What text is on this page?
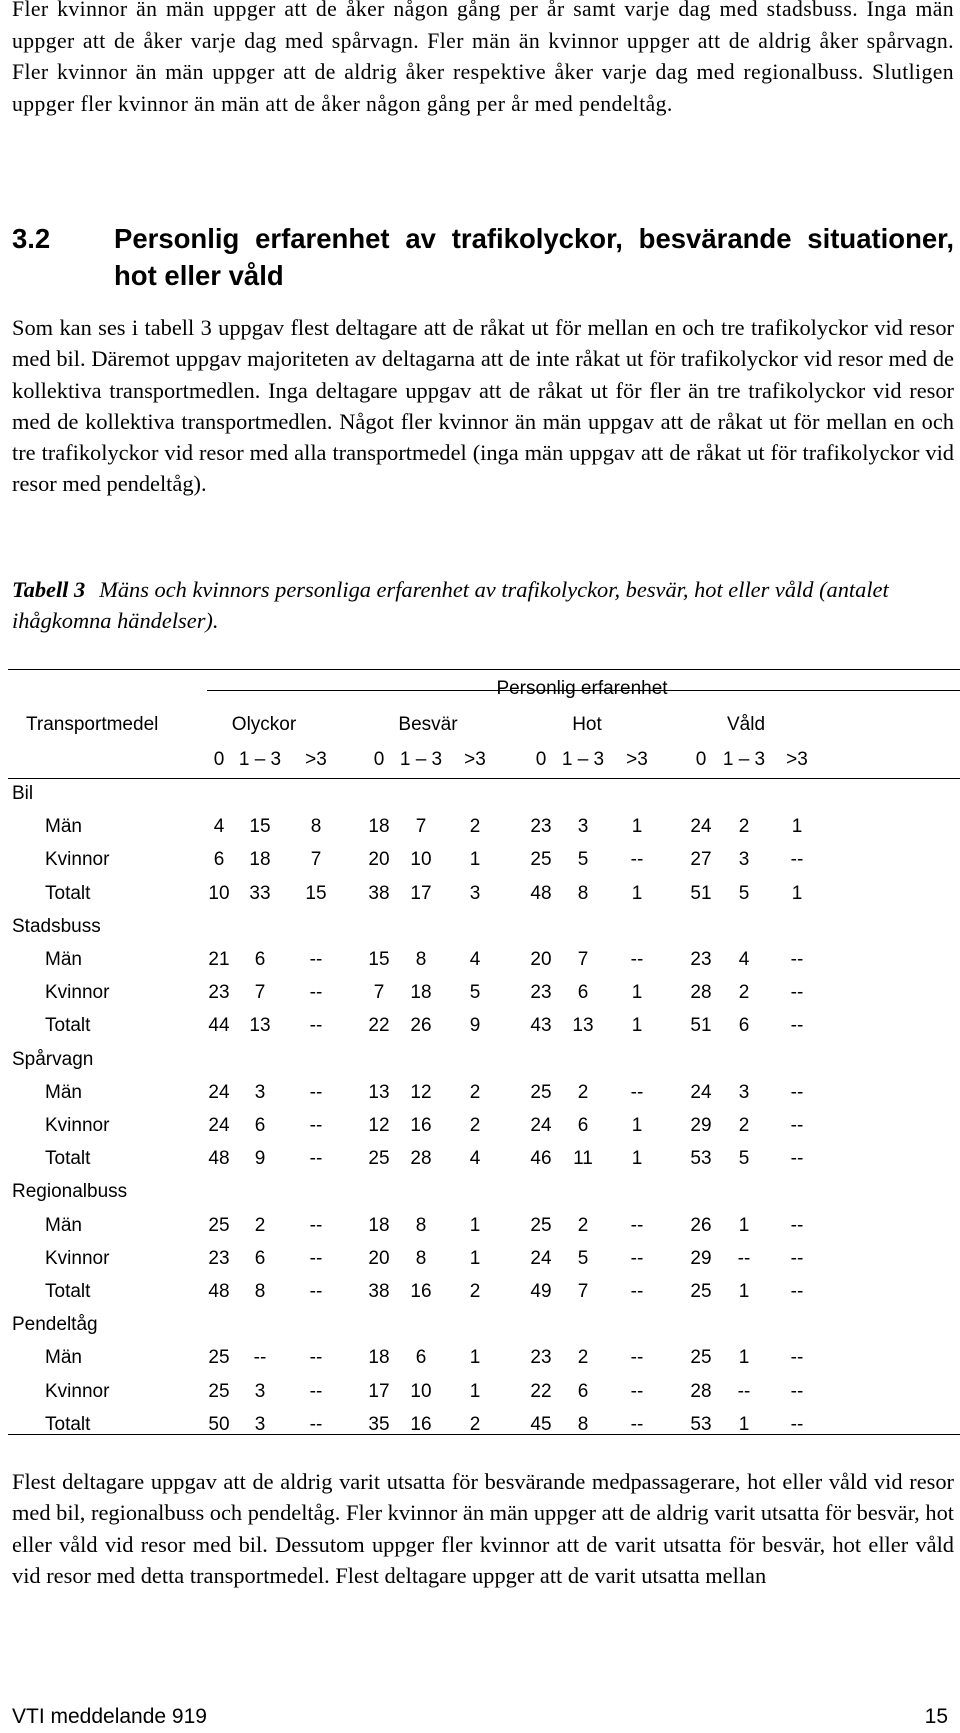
Fler kvinnor än män uppger att de åker någon gång per år samt varje dag med stadsbuss. Inga män uppger att de åker varje dag med spårvagn. Fler män än kvinnor uppger att de aldrig åker spårvagn. Fler kvinnor än män uppger att de aldrig åker respektive åker varje dag med regionalbuss. Slutligen uppger fler kvinnor än män att de åker någon gång per år med pendeltåg.

3.2	Personlig erfarenhet av trafikolyckor, besvärande situationer, hot eller våld

Som kan ses i tabell 3 uppgav flest deltagare att de råkat ut för mellan en och tre trafikolyckor vid resor med bil. Däremot uppgav majoriteten av deltagarna att de inte råkat ut för trafikolyckor vid resor med de kollektiva transportmedlen. Inga deltagare uppgav att de råkat ut för fler än tre trafikolyckor vid resor med de kollektiva transportmedlen. Något fler kvinnor än män uppgav att de råkat ut för mellan en och tre trafikolyckor vid resor med alla transportmedel (inga män uppgav att de råkat ut för trafikolyckor vid resor med pendeltåg).

Tabell 3 Mäns och kvinnors personliga erfarenhet av trafikolyckor, besvär, hot eller våld (antalet ihågkomna händelser).

Personlig erfarenhet
Transportmedel	Olyckor	Besvär	Hot	Våld
0 1 – 3 >3 0 1 – 3 >3	0 1 – 3 >3	0 1 – 3 >3
Bil
Män	4 15 8 18 7 2	23 3 1	24 2 1
Kvinnor	6 18 7 20 10 1	25 5 -- 27 3 --
Totalt	10 33 15 38 17 3	48 8 1	51 5 1
Stadsbuss
Män	21 6 -- 15 8 4	20 7 -- 23 4 --
Kvinnor	23 7 --	7 18 5	23 6 1	28 2 --
Totalt	44 13 -- 22 26 9	43 13 1	51 6 --
Spårvagn
Män	24 3 -- 13 12 2	25 2 -- 24 3 --
Kvinnor	24 6 -- 12 16 2	24 6 1	29 2 --
Totalt	48 9 -- 25 28 4	46 11 1	53 5 --
Regionalbuss
Män	25 2 -- 18 8 1	25 2 -- 26 1 --
Kvinnor	23 6 -- 20 8 1	24 5 -- 29 -- --
Totalt	48 8 -- 38 16 2	49 7 -- 25 1 --
Pendeltåg
Män	25 -- -- 18 6 1	23 2 -- 25 1 --
Kvinnor	25 3 -- 17 10 1	22 6 -- 28 -- --
Totalt	50 3 -- 35 16 2	45 8 -- 53 1 --

Flest deltagare uppgav att de aldrig varit utsatta för besvärande medpassagerare, hot eller våld vid resor med bil, regionalbuss och pendeltåg. Fler kvinnor än män uppger att de aldrig varit utsatta för besvär, hot eller våld vid resor med bil. Dessutom uppger fler kvinnor att de varit utsatta för besvär, hot eller våld vid resor med detta transportmedel. Flest deltagare uppger att de varit utsatta mellan

VTI meddelande 919	15
